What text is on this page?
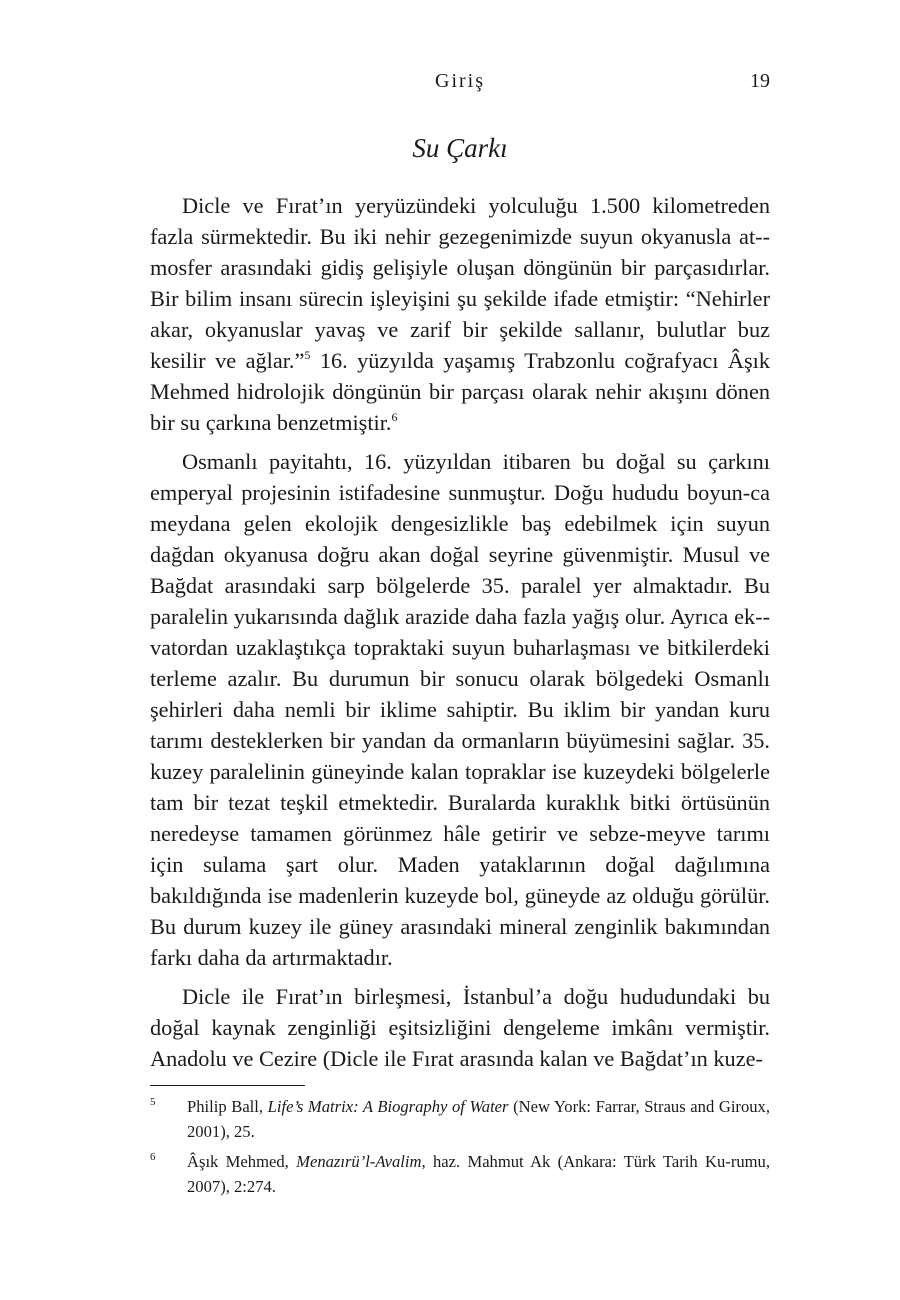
Giriş	19
Su Çarkı

Dicle ve Fırat’ın yeryüzündeki yolculuğu 1.500 kilometreden fazla sürmektedir. Bu iki nehir gezegenimizde suyun okyanusla at-mosfer arasındaki gidiş gelişiyle oluşan döngünün bir parçasıdırlar. Bir bilim insanı sürecin işleyişini şu şekilde ifade etmiştir: “Nehirler akar, okyanuslar yavaş ve zarif bir şekilde sallanır, bulutlar buz kesilir ve ağlar.”$^5$ 16. yüzyılda yaşamış Trabzonlu coğrafyacı Âşık Mehmed hidrolojik döngünün bir parçası olarak nehir akışını dönen bir su çarkına benzetmiştir.$^6$

Osmanlı payitahtı, 16. yüzyıldan itibaren bu doğal su çarkını emperyal projesinin istifadesine sunmuştur. Doğu hududu boyun-ca meydana gelen ekolojik dengesizlikle baş edebilmek için suyun dağdan okyanusa doğru akan doğal seyrine güvenmiştir. Musul ve Bağdat arasındaki sarp bölgelerde 35. paralel yer almaktadır. Bu paralelin yukarısında dağlık arazide daha fazla yağış olur. Ayrıca ek-vatordan uzaklaştıkça topraktaki suyun buharlaşması ve bitkilerdeki terleme azalır. Bu durumun bir sonucu olarak bölgedeki Osmanlı şehirleri daha nemli bir iklime sahiptir. Bu iklim bir yandan kuru tarımı desteklerken bir yandan da ormanların büyümesini sağlar. 35. kuzey paralelinin güneyinde kalan topraklar ise kuzeydeki bölgelerle tam bir tezat teşkil etmektedir. Buralarda kuraklık bitki örtüsünün neredeyse tamamen görünmez hâle getirir ve sebze-meyve tarımı için sulama şart olur. Maden yataklarının doğal dağılımına bakıldığında ise madenlerin kuzeyde bol, güneyde az olduğu görülür. Bu durum kuzey ile güney arasındaki mineral zenginlik bakımından farkı daha da artırmaktadır.

Dicle ile Fırat’ın birleşmesi, İstanbul’a doğu hududundaki bu doğal kaynak zenginliği eşitsizliğini dengeleme imkânı vermiştir. Anadolu ve Cezire (Dicle ile Fırat arasında kalan ve Bağdat’ın kuze-

5 Philip Ball, Life’s Matrix: A Biography of Water (New York: Farrar, Straus and Giroux, 2001), 25.
6 Âşık Mehmed, Menazırü’l-Avalim, haz. Mahmut Ak (Ankara: Türk Tarih Ku-rumu, 2007), 2:274.
